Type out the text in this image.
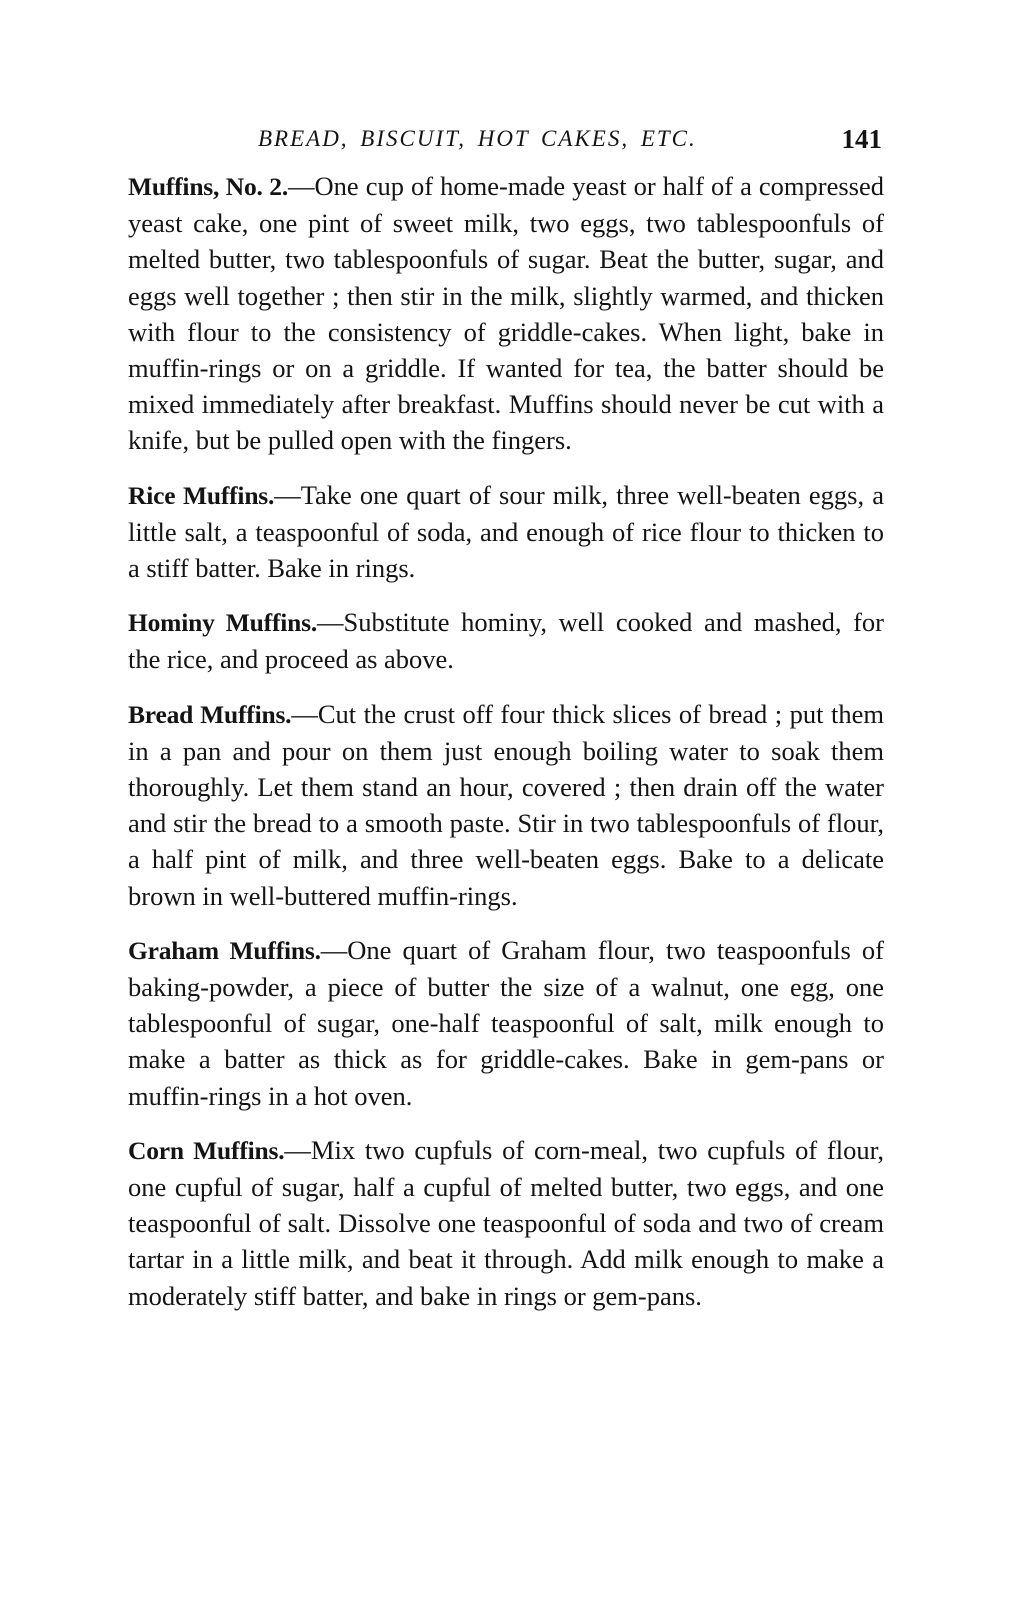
BREAD, BISCUIT, HOT CAKES, ETC.	141

Muffins, No. 2.—One cup of home-made yeast or half of a compressed yeast cake, one pint of sweet milk, two eggs, two tablespoonfuls of melted butter, two tablespoonfuls of sugar. Beat the butter, sugar, and eggs well together ; then stir in the milk, slightly warmed, and thicken with flour to the consistency of griddle-cakes. When light, bake in muffin-rings or on a griddle. If wanted for tea, the batter should be mixed immediately after breakfast. Muffins should never be cut with a knife, but be pulled open with the fingers.

Rice Muffins.—Take one quart of sour milk, three well-beaten eggs, a little salt, a teaspoonful of soda, and enough of rice flour to thicken to a stiff batter. Bake in rings.

Hominy Muffins.—Substitute hominy, well cooked and mashed, for the rice, and proceed as above.

Bread Muffins.—Cut the crust off four thick slices of bread ; put them in a pan and pour on them just enough boiling water to soak them thoroughly. Let them stand an hour, covered ; then drain off the water and stir the bread to a smooth paste. Stir in two tablespoonfuls of flour, a half pint of milk, and three well-beaten eggs. Bake to a delicate brown in well-buttered muffin-rings.

Graham Muffins.—One quart of Graham flour, two teaspoonfuls of baking-powder, a piece of butter the size of a walnut, one egg, one tablespoonful of sugar, one-half teaspoonful of salt, milk enough to make a batter as thick as for griddle-cakes. Bake in gem-pans or muffin-rings in a hot oven.

Corn Muffins.—Mix two cupfuls of corn-meal, two cupfuls of flour, one cupful of sugar, half a cupful of melted butter, two eggs, and one teaspoonful of salt. Dissolve one teaspoonful of soda and two of cream tartar in a little milk, and beat it through. Add milk enough to make a moderately stiff batter, and bake in rings or gem-pans.
